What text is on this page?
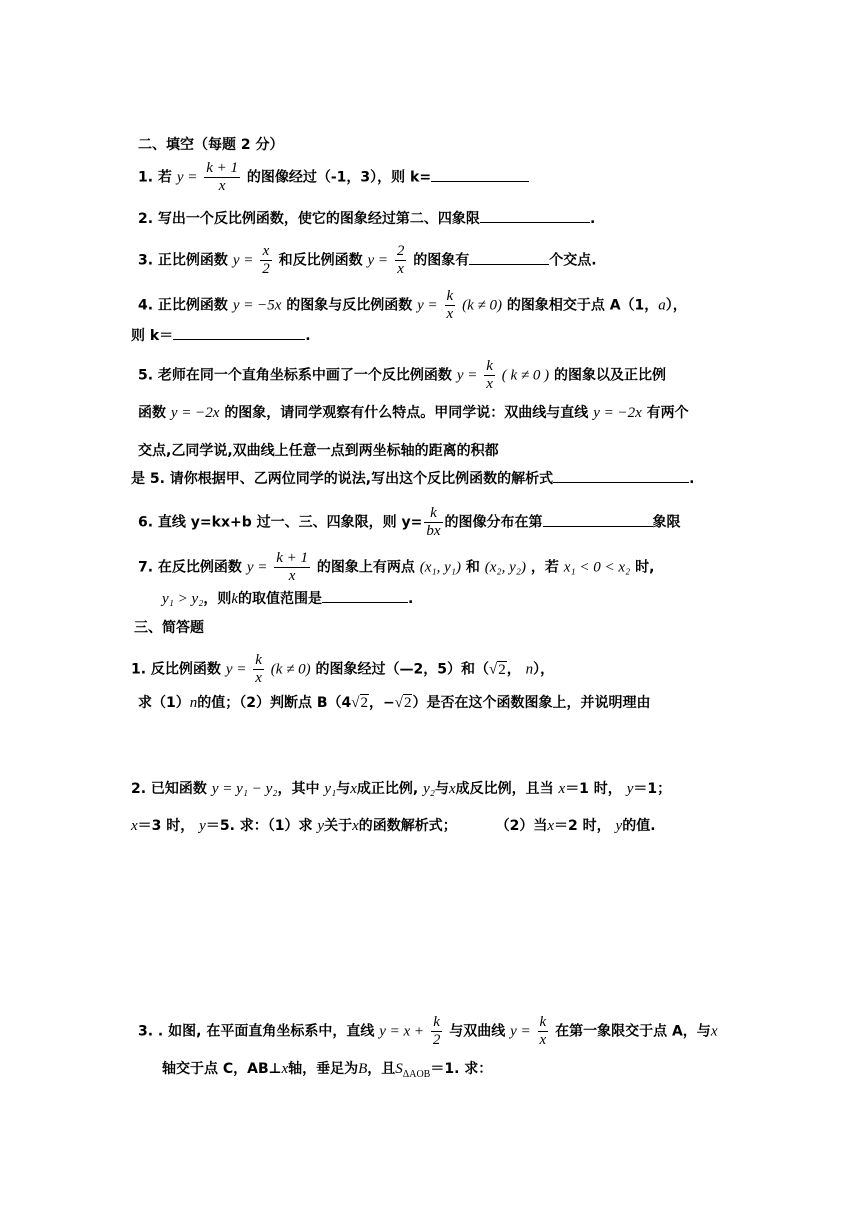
二、填空（每题 2 分）
1. 若 $y = \frac{k + 1}{x}$ 的图像经过（-1，3），则 k=
2. 写出一个反比例函数，使它的图象经过第二、四象限	.
3. 正比例函数 $y = \frac{x}{2}$ 和反比例函数 $y = \frac{2}{x}$ 的图象有	个交点.
4. 正比例函数 y = −5x 的图象与反比例函数 $y = \frac{k}{x} (k \ne 0)$ 的图象相交于点 A（1，a），
则 k＝	.
5. 老师在同一个直角坐标系中画了一个反比例函数 $y = \frac{k}{x}$ ( k ≠ 0 ) 的图象以及正比例
函数 y = −2x 的图象，请同学观察有什么特点。甲同学说：双曲线与直线 y = −2x 有两个
交点,乙同学说,双曲线上任意一点到两坐标轴的距离的积都
是 5. 请你根据甲、乙两位同学的说法,写出这个反比例函数的解析式	.
6. 直线 y=kx+b 过一、三、四象限，则 $y= \frac{k}{bx}$ 的图像分布在第	象限
7. 在反比例函数 $y = \frac{k + 1}{x}$ 的图象上有两点 (x₁, y₁) 和 (x₂, y₂) ，若 x₁ < 0 < x₂ 时,
y₁ > y₂，则k的取值范围是	.
三、简答题
1. 反比例函数 $y = \frac{k}{x} (k \ne 0)$ 的图象经过（—2，5）和（√2， n），
求（1）n的值；（2）判断点 B（4√2，−√2）是否在这个函数图象上，并说明理由
2. 已知函数 y = y₁ − y₂，其中 y₁与x成正比例, y₂与x成反比例，且当 x＝1 时， y＝1；
x＝3 时， y＝5. 求：（1）求 y关于x的函数解析式；	（2）当x＝2 时， y的值.
3. . 如图, 在平面直角坐标系中，直线 $y = x + \frac{k}{2}$ 与双曲线 $y = \frac{k}{x}$ 在第一象限交于点 A，与x
轴交于点 C，AB⊥x轴，垂足为B，且$S_{\Delta AOB}=1$. 求：
